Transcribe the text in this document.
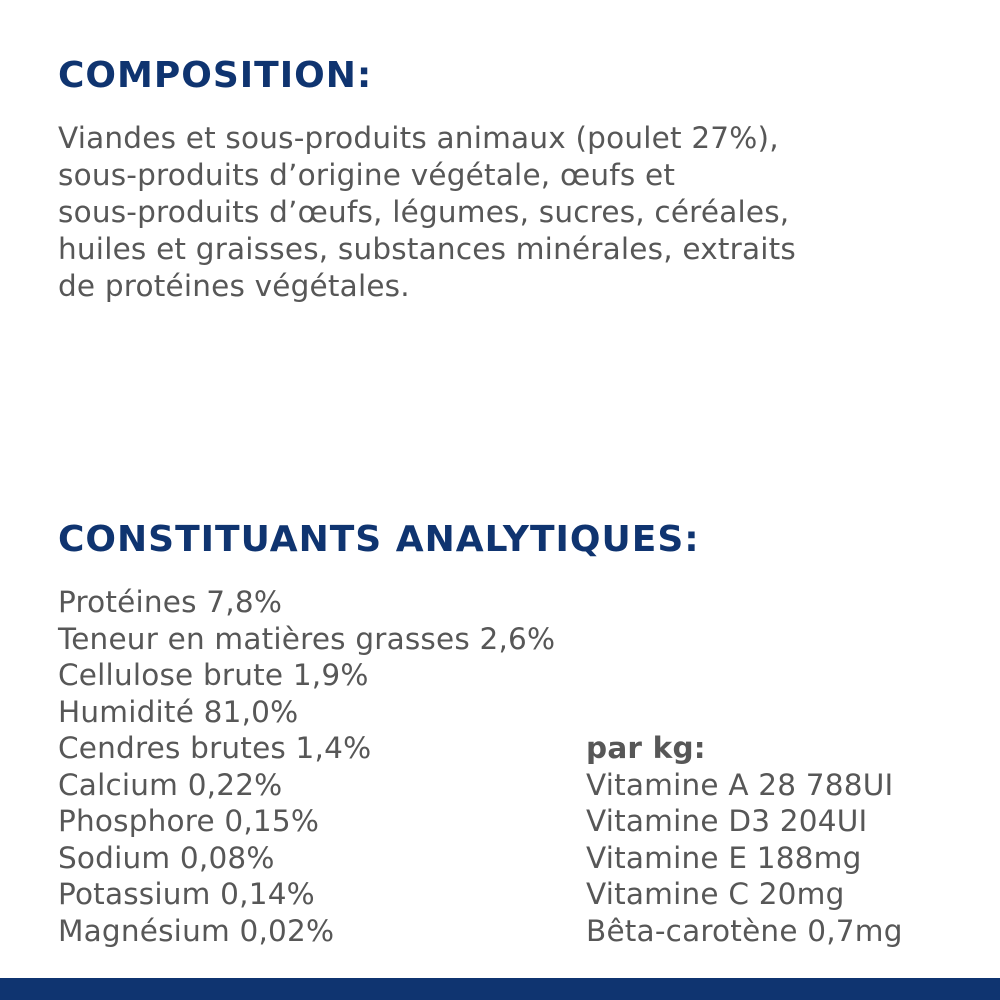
COMPOSITION:

Viandes et sous-produits animaux (poulet 27%),
sous-produits d’origine végétale, œufs et
sous-produits d’œufs, légumes, sucres, céréales,
huiles et graisses, substances minérales, extraits
de protéines végétales.

CONSTITUANTS ANALYTIQUES:
Protéines 7,8%
Teneur en matières grasses 2,6%
Cellulose brute 1,9%
Humidité 81,0%
Cendres brutes 1,4%
Calcium 0,22%
Phosphore 0,15%
Sodium 0,08%
Potassium 0,14%
Magnésium 0,02%
par kg:
Vitamine A 28 788UI
Vitamine D3 204UI
Vitamine E 188mg
Vitamine C 20mg
Bêta-carotène 0,7mg
